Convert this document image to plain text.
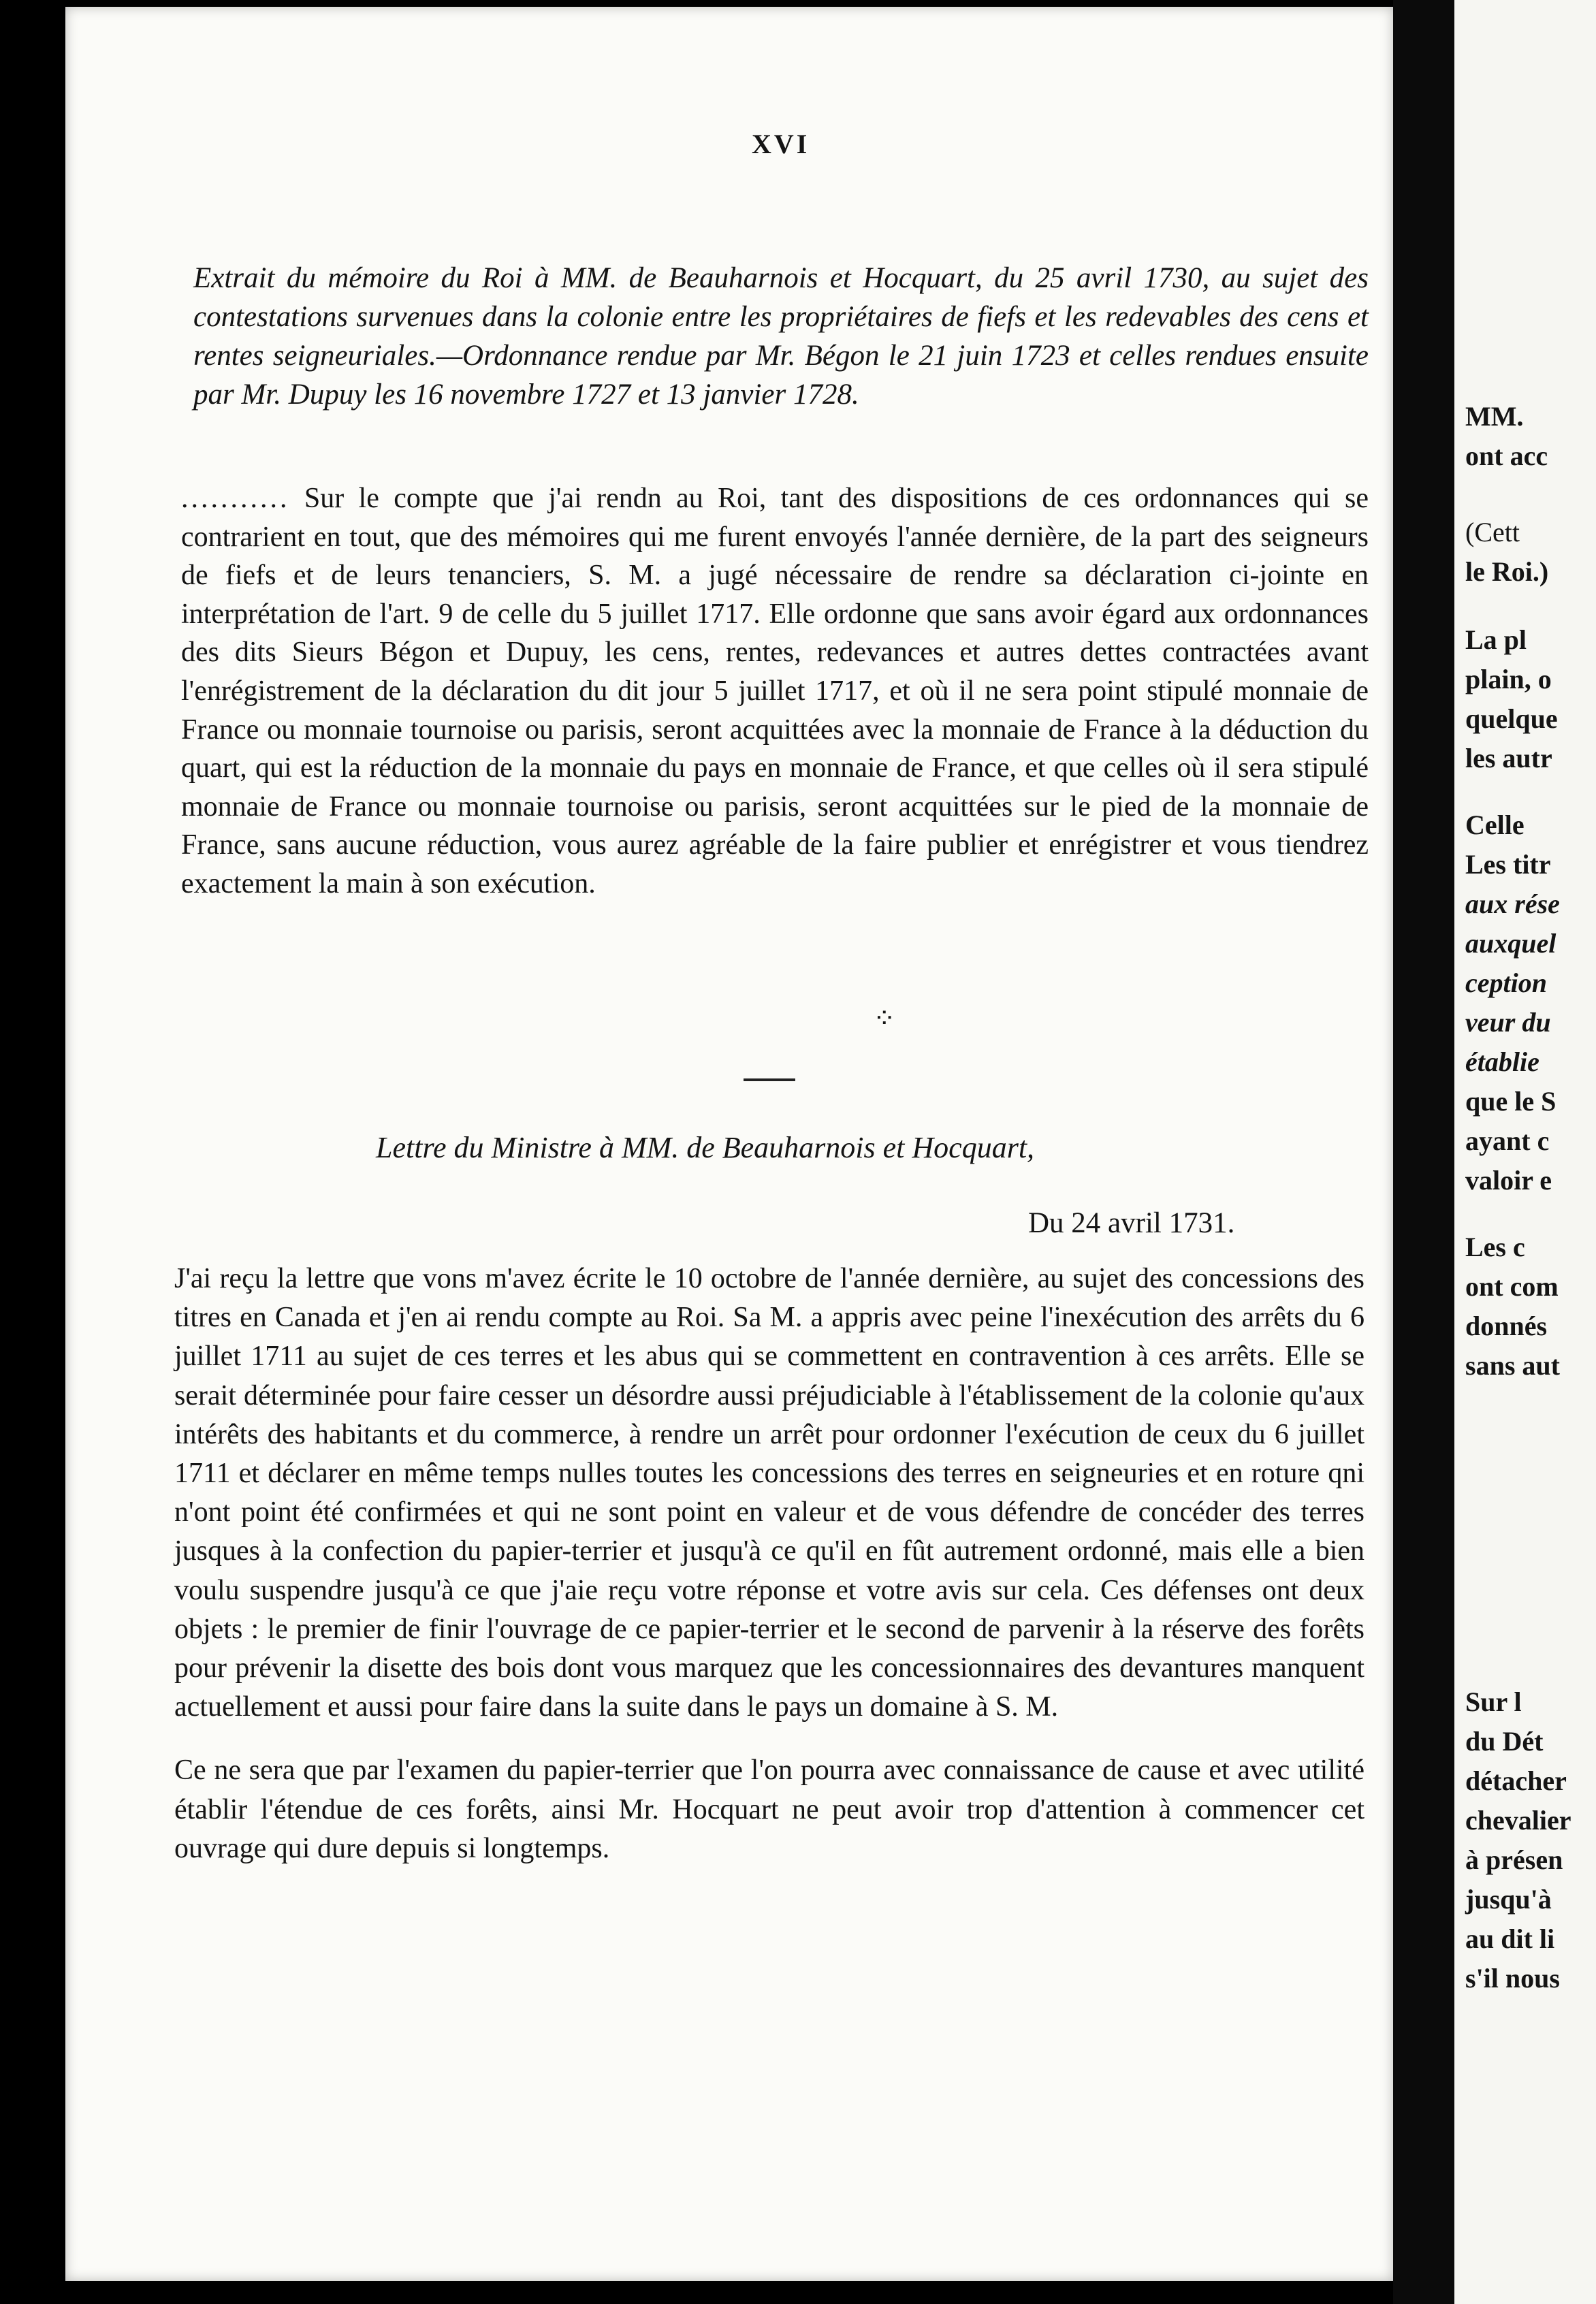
XVI
Extrait du mémoire du Roi à MM. de Beauharnois et Hocquart, du 25 avril 1730, au sujet des contestations survenues dans la colonie entre les propriétaires de fiefs et les redevables des cens et rentes seigneuriales.—Ordonnance rendue par Mr. Bégon le 21 juin 1723 et celles rendues ensuite par Mr. Dupuy les 16 novembre 1727 et 13 janvier 1728.
........... Sur le compte que j'ai rendn au Roi, tant des dispositions de ces ordonnances qui se contrarient en tout, que des mémoires qui me furent envoyés l'année dernière, de la part des seigneurs de fiefs et de leurs tenanciers, S. M. a jugé nécessaire de rendre sa déclaration ci-jointe en interprétation de l'art. 9 de celle du 5 juillet 1717. Elle ordonne que sans avoir égard aux ordonnances des dits Sieurs Bégon et Dupuy, les cens, rentes, redevances et autres dettes contractées avant l'enrégistrement de la déclaration du dit jour 5 juillet 1717, et où il ne sera point stipulé monnaie de France ou monnaie tournoise ou parisis, seront acquittées avec la monnaie de France à la déduction du quart, qui est la réduction de la monnaie du pays en monnaie de France, et que celles où il sera stipulé monnaie de France ou monnaie tournoise ou parisis, seront acquittées sur le pied de la monnaie de France, sans aucune réduction, vous aurez agréable de la faire publier et enrégistrer et vous tiendrez exactement la main à son exécution.
⁘
Lettre du Ministre à MM. de Beauharnois et Hocquart,
Du 24 avril 1731.

J'ai reçu la lettre que vons m'avez écrite le 10 octobre de l'année dernière, au sujet des concessions des titres en Canada et j'en ai rendu compte au Roi. Sa M. a appris avec peine l'inexécution des arrêts du 6 juillet 1711 au sujet de ces terres et les abus qui se commettent en contravention à ces arrêts. Elle se serait déterminée pour faire cesser un désordre aussi préjudiciable à l'établissement de la colonie qu'aux intérêts des habitants et du commerce, à rendre un arrêt pour ordonner l'exécution de ceux du 6 juillet 1711 et déclarer en même temps nulles toutes les concessions des terres en seigneuries et en roture qni n'ont point été confirmées et qui ne sont point en valeur et de vous défendre de concéder des terres jusques à la confection du papier-terrier et jusqu'à ce qu'il en fût autrement ordonné, mais elle a bien voulu suspendre jusqu'à ce que j'aie reçu votre réponse et votre avis sur cela. Ces défenses ont deux objets : le premier de finir l'ouvrage de ce papier-terrier et le second de parvenir à la réserve des forêts pour prévenir la disette des bois dont vous marquez que les concessionnaires des devantures manquent actuellement et aussi pour faire dans la suite dans le pays un domaine à S. M.

Ce ne sera que par l'examen du papier-terrier que l'on pourra avec connaissance de cause et avec utilité établir l'étendue de ces forêts, ainsi Mr. Hocquart ne peut avoir trop d'attention à commencer cet ouvrage qui dure depuis si longtemps.

MM.
ont acc
(Cett
le Roi.)
La pl
plain, o
quelque
les autr
Celle
Les titr
aux rése
auxquel
ception
veur du
établie
que le S
ayant c
valoir e
Les c
ont com
donnés
sans aut
Sur l
du Dét
détacher
chevalier
à présen
jusqu'à
au dit li
s'il nous
